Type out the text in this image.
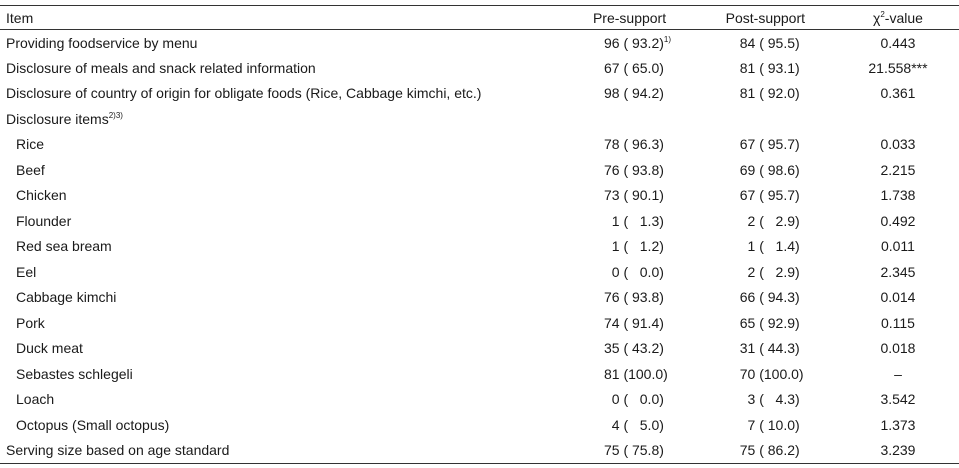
Item	Pre-support	Post-support	$\chi^2$-value
Providing foodservice by menu	96 ( 93.2)$^{1)}$	84 ( 95.5)	0.443
Disclosure of meals and snack related information	67 ( 65.0)	81 ( 93.1)	21.558***
Disclosure of country of origin for obligate foods (Rice, Cabbage kimchi, etc.)	98 ( 94.2)	81 ( 92.0)	0.361
Disclosure items$^{2)3)}$			
Rice	78 ( 96.3)	67 ( 95.7)	0.033
Beef	76 ( 93.8)	69 ( 98.6)	2.215
Chicken	73 ( 90.1)	67 ( 95.7)	1.738
Flounder	1 (   1.3)	2 (   2.9)	0.492
Red sea bream	1 (   1.2)	1 (   1.4)	0.011
Eel	0 (   0.0)	2 (   2.9)	2.345
Cabbage kimchi	76 ( 93.8)	66 ( 94.3)	0.014
Pork	74 ( 91.4)	65 ( 92.9)	0.115
Duck meat	35 ( 43.2)	31 ( 44.3)	0.018
Sebastes schlegeli	81 (100.0)	70 (100.0)	–
Loach	0 (   0.0)	3 (   4.3)	3.542
Octopus (Small octopus)	4 (   5.0)	7 ( 10.0)	1.373
Serving size based on age standard	75 ( 75.8)	75 ( 86.2)	3.239
